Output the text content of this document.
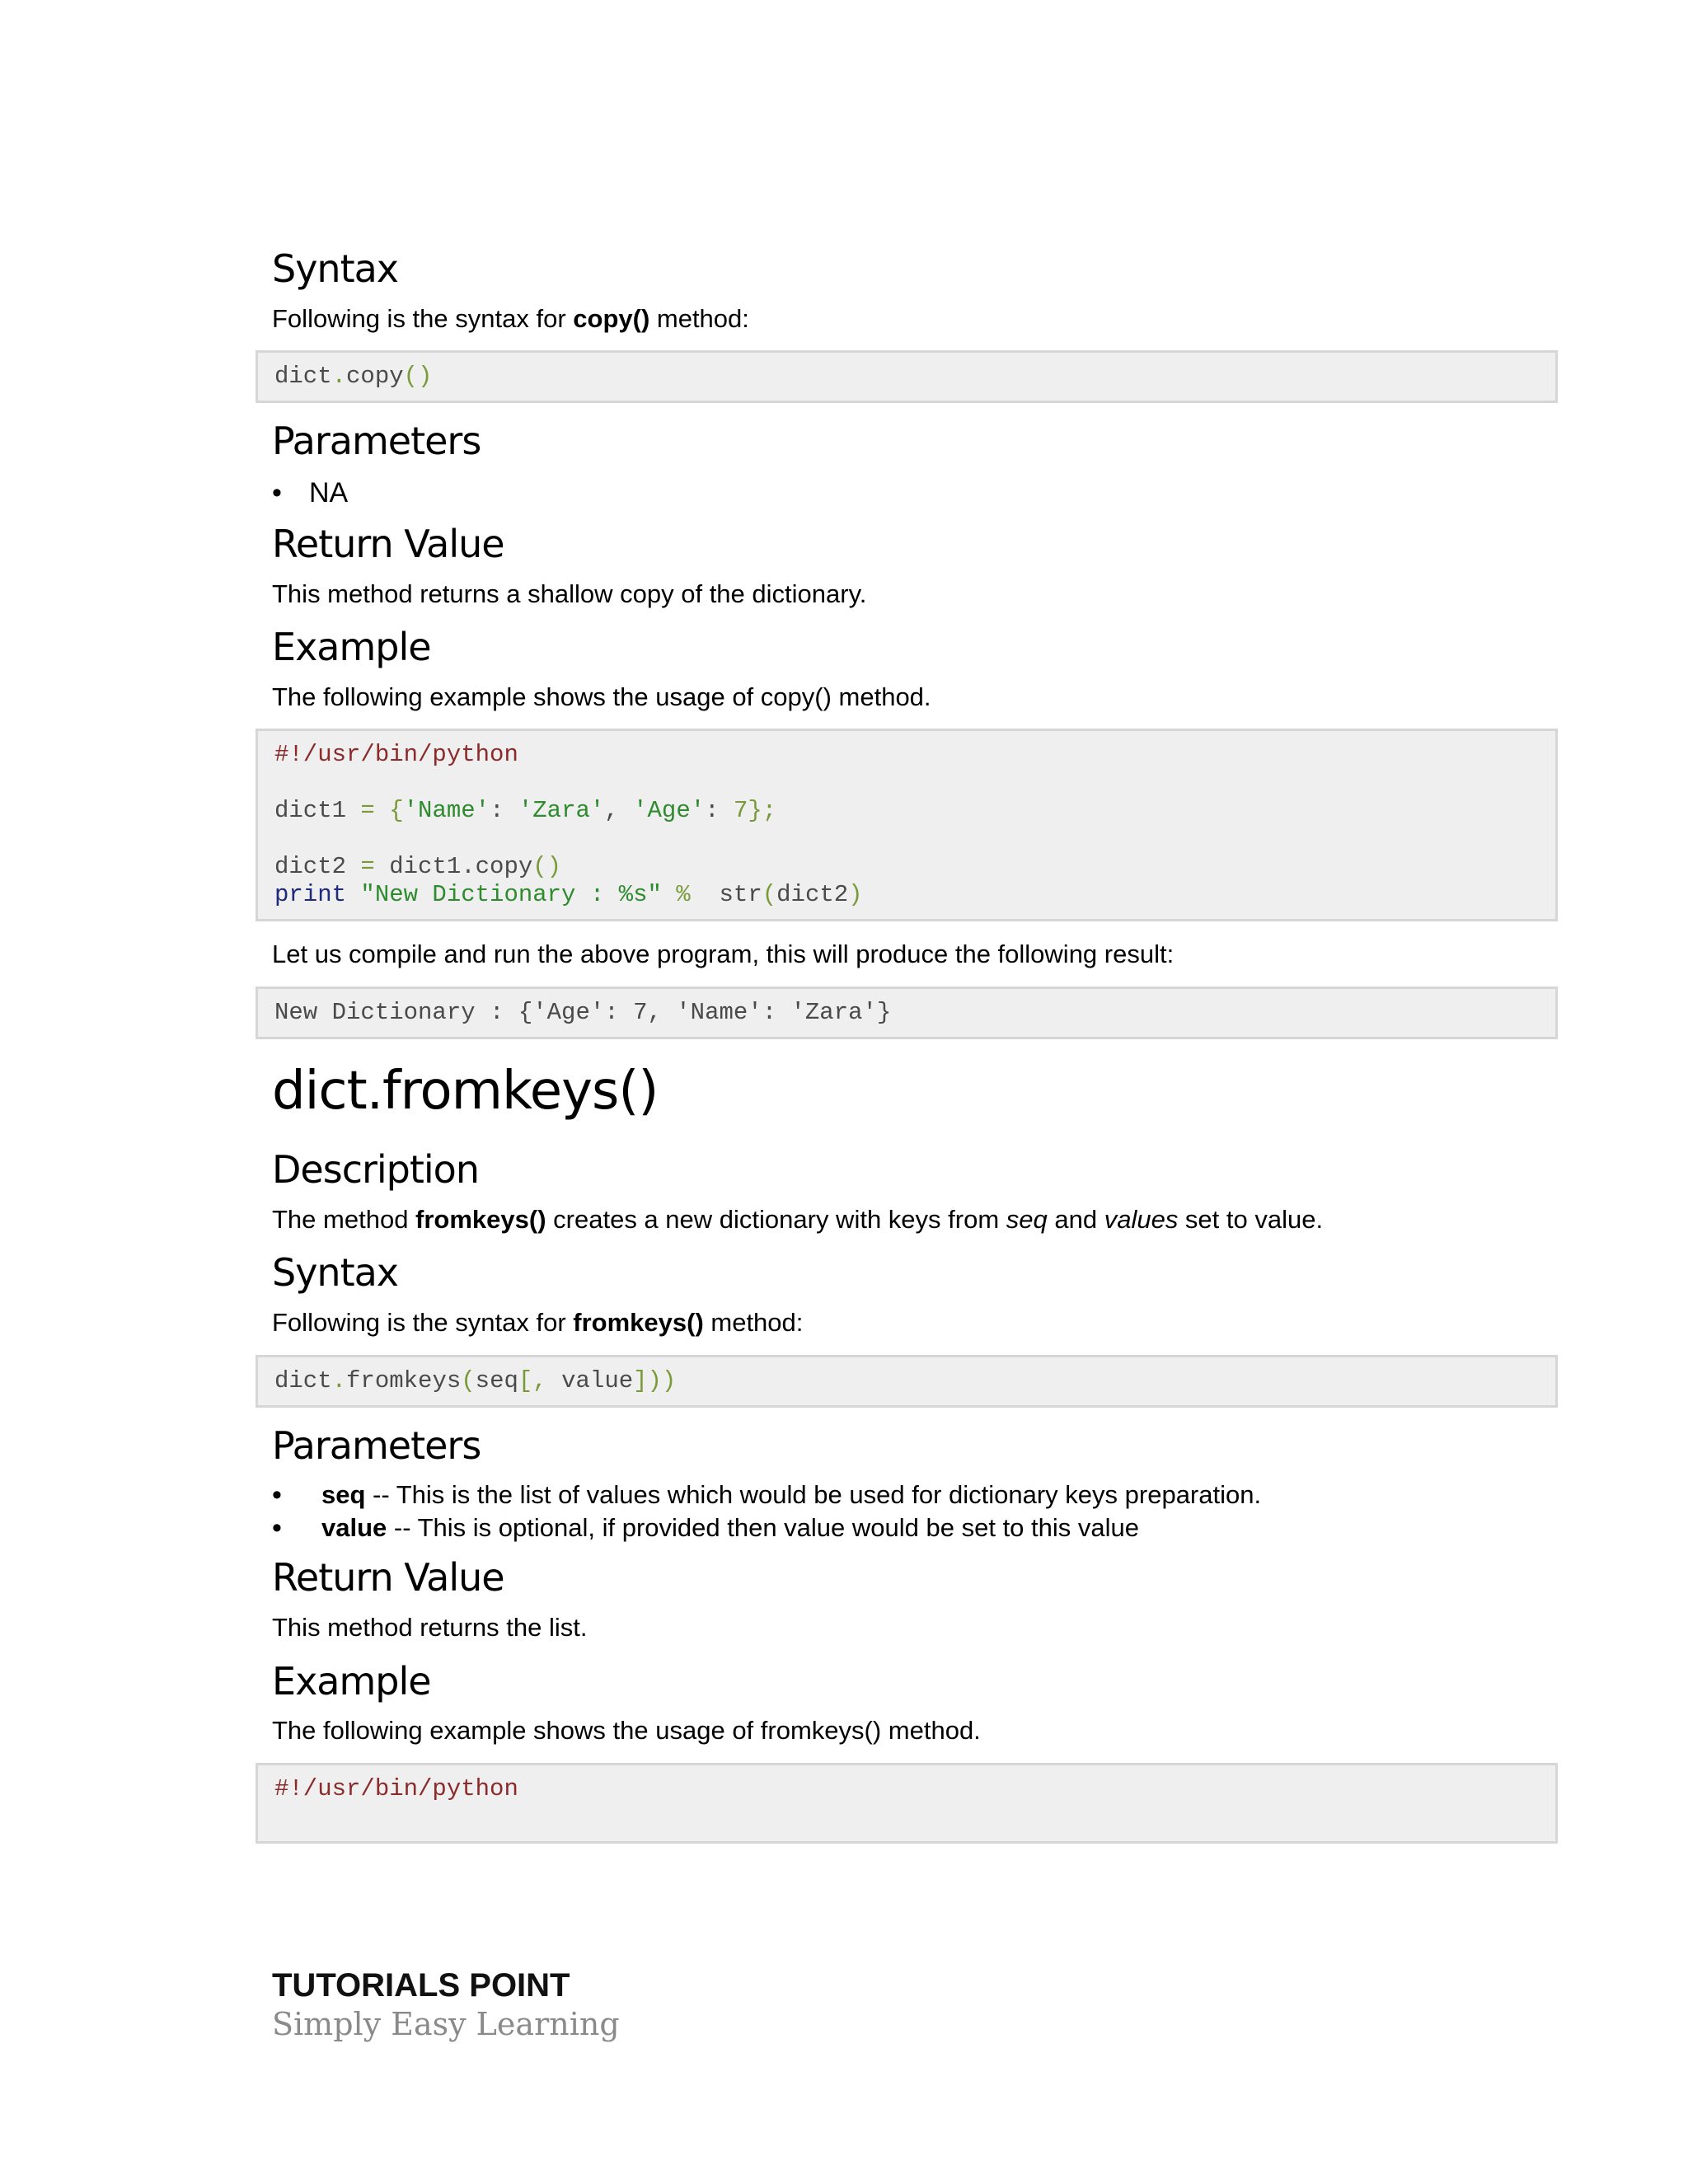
Syntax

Following is the syntax for copy() method:

dict.copy()
Parameters
• NA
Return Value

This method returns a shallow copy of the dictionary.

Example

The following example shows the usage of copy() method.

#!/usr/bin/python
dict1 = {'Name': 'Zara', 'Age': 7};
dict2 = dict1.copy()
print "New Dictionary : %s" %  str(dict2)

Let us compile and run the above program, this will produce the following result:

New Dictionary : {'Age': 7, 'Name': 'Zara'}
dict.fromkeys()
Description

The method fromkeys() creates a new dictionary with keys from seq and values set to value.

Syntax

Following is the syntax for fromkeys() method:

dict.fromkeys(seq[, value]))
Parameters
• seq -- This is the list of values which would be used for dictionary keys preparation.
• value -- This is optional, if provided then value would be set to this value
Return Value

This method returns the list.

Example

The following example shows the usage of fromkeys() method.

#!/usr/bin/python
TUTORIALS POINT
Simply Easy Learning
